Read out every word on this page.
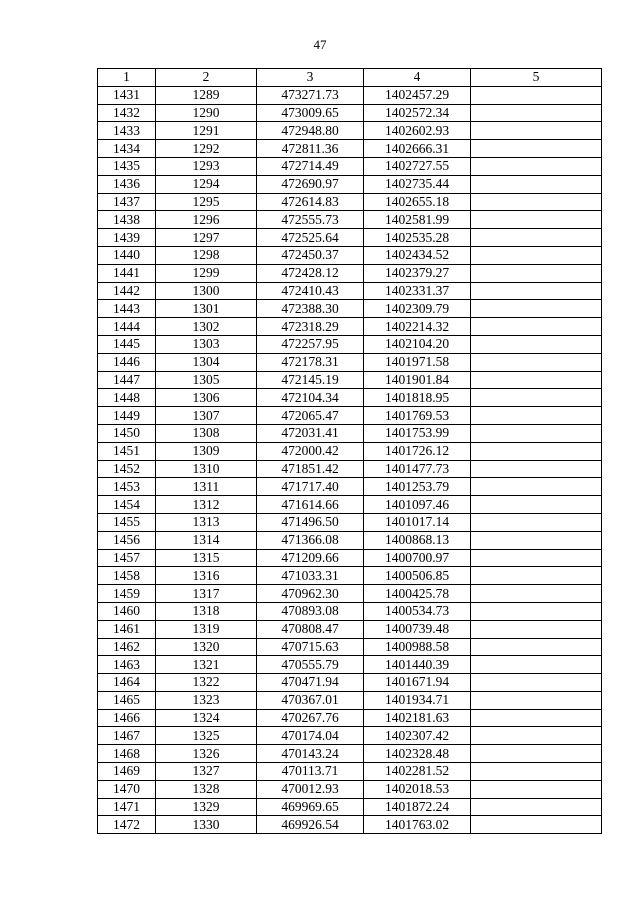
47
1	2	3	4	5
1431	1289	473271.73	1402457.29	
1432	1290	473009.65	1402572.34	
1433	1291	472948.80	1402602.93	
1434	1292	472811.36	1402666.31	
1435	1293	472714.49	1402727.55	
1436	1294	472690.97	1402735.44	
1437	1295	472614.83	1402655.18	
1438	1296	472555.73	1402581.99	
1439	1297	472525.64	1402535.28	
1440	1298	472450.37	1402434.52	
1441	1299	472428.12	1402379.27	
1442	1300	472410.43	1402331.37	
1443	1301	472388.30	1402309.79	
1444	1302	472318.29	1402214.32	
1445	1303	472257.95	1402104.20	
1446	1304	472178.31	1401971.58	
1447	1305	472145.19	1401901.84	
1448	1306	472104.34	1401818.95	
1449	1307	472065.47	1401769.53	
1450	1308	472031.41	1401753.99	
1451	1309	472000.42	1401726.12	
1452	1310	471851.42	1401477.73	
1453	1311	471717.40	1401253.79	
1454	1312	471614.66	1401097.46	
1455	1313	471496.50	1401017.14	
1456	1314	471366.08	1400868.13	
1457	1315	471209.66	1400700.97	
1458	1316	471033.31	1400506.85	
1459	1317	470962.30	1400425.78	
1460	1318	470893.08	1400534.73	
1461	1319	470808.47	1400739.48	
1462	1320	470715.63	1400988.58	
1463	1321	470555.79	1401440.39	
1464	1322	470471.94	1401671.94	
1465	1323	470367.01	1401934.71	
1466	1324	470267.76	1402181.63	
1467	1325	470174.04	1402307.42	
1468	1326	470143.24	1402328.48	
1469	1327	470113.71	1402281.52	
1470	1328	470012.93	1402018.53	
1471	1329	469969.65	1401872.24	
1472	1330	469926.54	1401763.02	
